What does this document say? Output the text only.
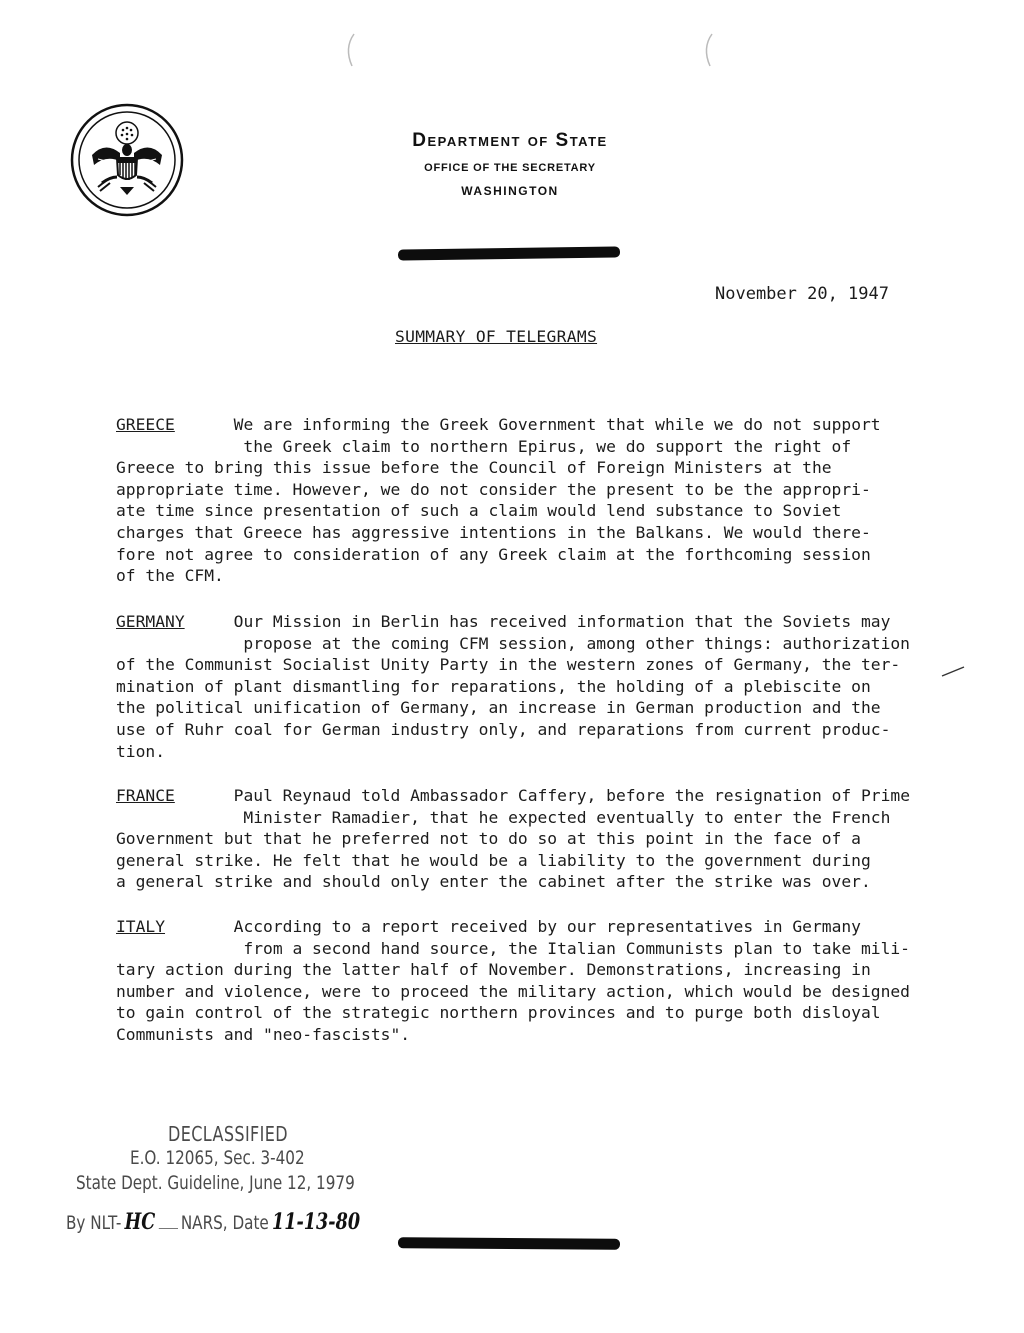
Department of State
OFFICE OF THE SECRETARY
WASHINGTON
November 20, 1947
SUMMARY OF TELEGRAMS
GREECE	We are informing the Greek Government that while we do not support
the Greek claim to northern Epirus, we do support the right of
Greece to bring this issue before the Council of Foreign Ministers at the
appropriate time. However, we do not consider the present to be the appropri-
ate time since presentation of such a claim would lend substance to Soviet
charges that Greece has aggressive intentions in the Balkans. We would there-
fore not agree to consideration of any Greek claim at the forthcoming session
of the CFM.
GERMANY	Our Mission in Berlin has received information that the Soviets may
propose at the coming CFM session, among other things: authorization
of the Communist Socialist Unity Party in the western zones of Germany, the ter-
mination of plant dismantling for reparations, the holding of a plebiscite on
the political unification of Germany, an increase in German production and the
use of Ruhr coal for German industry only, and reparations from current produc-
tion.
FRANCE	Paul Reynaud told Ambassador Caffery, before the resignation of Prime
Minister Ramadier, that he expected eventually to enter the French
Government but that he preferred not to do so at this point in the face of a
general strike. He felt that he would be a liability to the government during
a general strike and should only enter the cabinet after the strike was over.
ITALY	According to a report received by our representatives in Germany
from a second hand source, the Italian Communists plan to take mili-
tary action during the latter half of November. Demonstrations, increasing in
number and violence, were to proceed the military action, which would be designed
to gain control of the strategic northern provinces and to purge both disloyal
Communists and "neo-fascists".
DECLASSIFIED
E.O. 12065, Sec. 3-402
State Dept. Guideline, June 12, 1979
By NLT- HC NARS, Date 11-13-80
